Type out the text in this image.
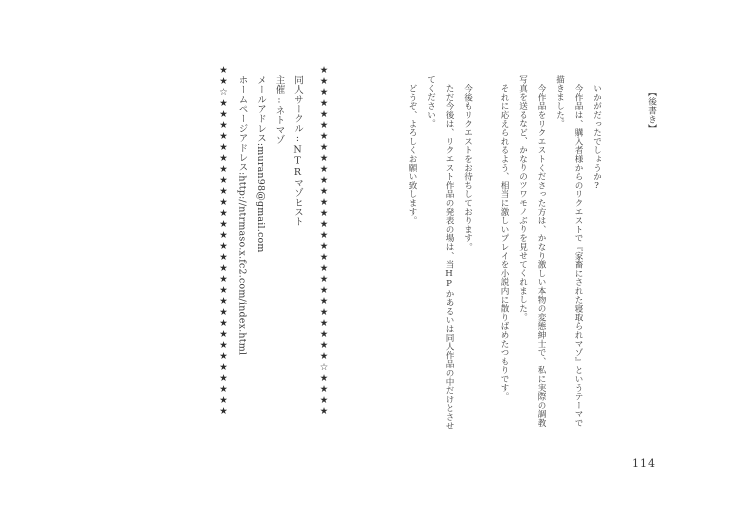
【後書き】
いかがだったでしょうか?
今作品は、購入者様からのリクエストで『家畜にされた寝取られマゾ』というテーマで
描きました。
今作品をリクエストくださった方は、かなり激しい本物の変態紳士で、私に実際の調教
写真を送るなど、かなりのツワモノぶりを見せてくれました。
それに応えられるよう、相当に激しいプレイを小説内に散りばめたつもりです。
今後もリクエストをお待ちしております。
ただ今後は、リクエスト作品の発表の場は、当HPかあるいは同人作品の中だけとさせ
てください。
どうぞ、よろしくお願い致します。
★★★★★★★★★★★★★★★★★★★★★★★★★★★☆★★★★
同人サークル:NTRマゾヒスト
主催:ネトマゾ
メールアドレス:muran98@gmail.com
ホームページアドレス:http://ntrmaso.x.fc2.com/index.html
★★☆★★★★★★★★★★★★★★★★★★★★★★★★★★★★★
114
